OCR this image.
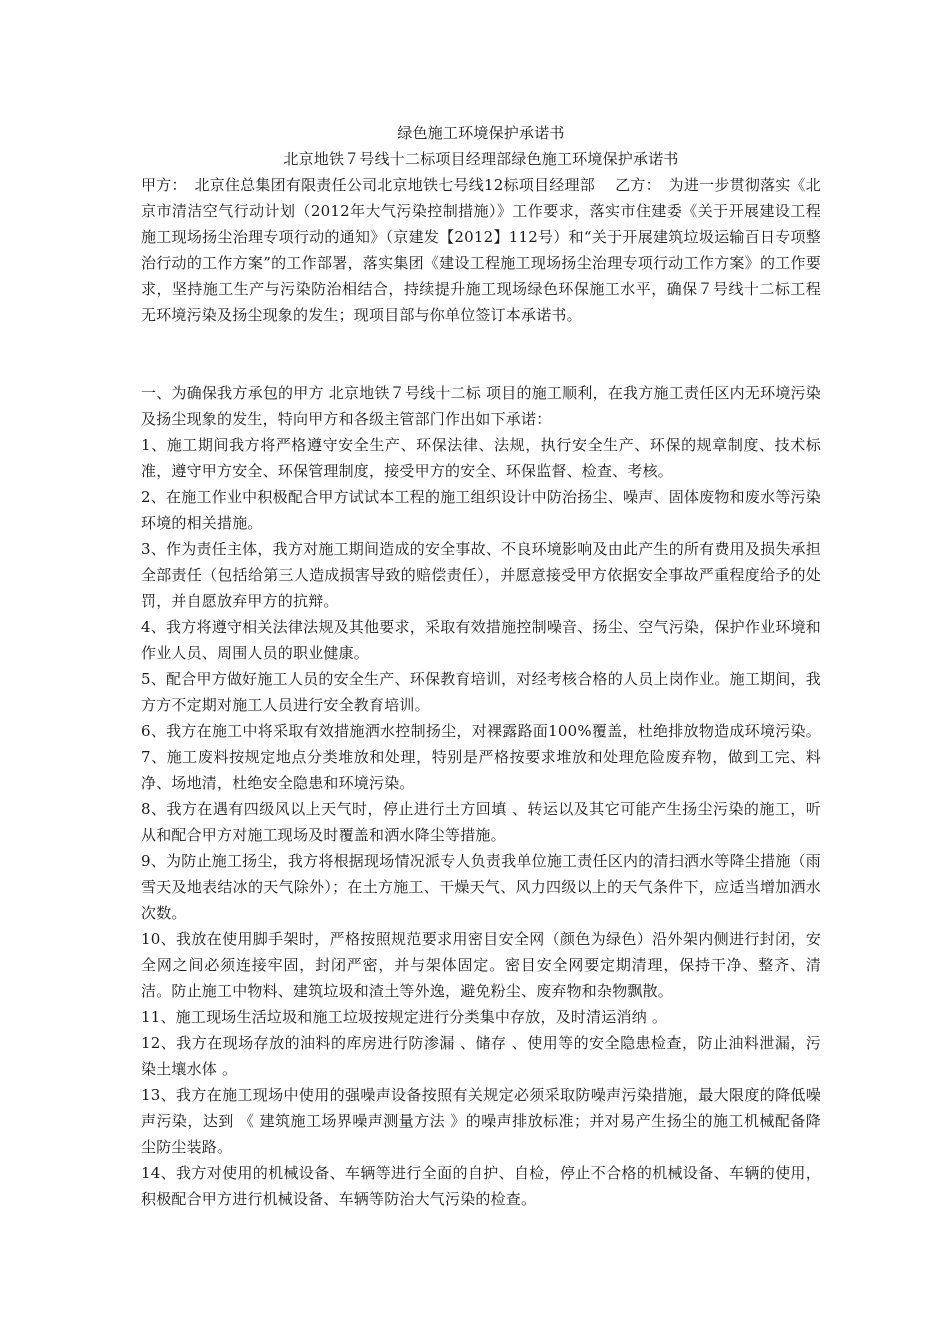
绿色施工环境保护承诺书

北京地铁７号线十二标项目经理部绿色施工环境保护承诺书

甲方：　北京住总集团有限责任公司北京地铁七号线12标项目经理部　 乙方：　为进一步贯彻落实《北京市清洁空气行动计划（2012年大气污染控制措施）》工作要求，落实市住建委《关于开展建设工程施工现场扬尘治理专项行动的通知》（京建发【2012】112号）和“关于开展建筑垃圾运输百日专项整治行动的工作方案”的工作部署，落实集团《建设工程施工现场扬尘治理专项行动工作方案》的工作要求，坚持施工生产与污染防治相结合，持续提升施工现场绿色环保施工水平，确保７号线十二标工程无环境污染及扬尘现象的发生；现项目部与你单位签订本承诺书。

一、为确保我方承包的甲方 北京地铁７号线十二标 项目的施工顺利，在我方施工责任区内无环境污染及扬尘现象的发生，特向甲方和各级主管部门作出如下承诺：

1、施工期间我方将严格遵守安全生产、环保法律、法规，执行安全生产、环保的规章制度、技术标准，遵守甲方安全、环保管理制度，接受甲方的安全、环保监督、检查、考核。

2、在施工作业中积极配合甲方试试本工程的施工组织设计中防治扬尘、噪声、固体废物和废水等污染环境的相关措施。

3、作为责任主体，我方对施工期间造成的安全事故、不良环境影响及由此产生的所有费用及损失承担全部责任（包括给第三人造成损害导致的赔偿责任），并愿意接受甲方依据安全事故严重程度给予的处罚，并自愿放弃甲方的抗辩。

4、我方将遵守相关法律法规及其他要求，采取有效措施控制噪音、扬尘、空气污染，保护作业环境和作业人员、周围人员的职业健康。

5、配合甲方做好施工人员的安全生产、环保教育培训，对经考核合格的人员上岗作业。施工期间，我方方不定期对施工人员进行安全教育培训。

6、我方在施工中将采取有效措施洒水控制扬尘，对裸露路面100%覆盖，杜绝排放物造成环境污染。7、施工废料按规定地点分类堆放和处理，特别是严格按要求堆放和处理危险废弃物，做到工完、料净、场地清，杜绝安全隐患和环境污染。

8、我方在遇有四级风以上天气时，停止进行土方回填 、转运以及其它可能产生扬尘污染的施工，听从和配合甲方对施工现场及时覆盖和洒水降尘等措施。

9、为防止施工扬尘，我方将根据现场情况派专人负责我单位施工责任区内的清扫洒水等降尘措施（雨雪天及地表结冰的天气除外）；在土方施工、干燥天气、风力四级以上的天气条件下，应适当增加洒水次数。

10、我放在使用脚手架时，严格按照规范要求用密目安全网（颜色为绿色）沿外架内侧进行封闭，安全网之间必须连接牢固，封闭严密，并与架体固定。密目安全网要定期清理，保持干净、整齐、清洁。防止施工中物料、建筑垃圾和渣土等外逸，避免粉尘、废弃物和杂物飘散。

11、施工现场生活垃圾和施工垃圾按规定进行分类集中存放，及时清运消纳 。

12、我方在现场存放的油料的库房进行防渗漏 、储存 、使用等的安全隐患检查，防止油料泄漏，污染土壤水体 。

13、我方在施工现场中使用的强噪声设备按照有关规定必须采取防噪声污染措施，最大限度的降低噪声污染，达到 《 建筑施工场界噪声测量方法 》的噪声排放标准；并对易产生扬尘的施工机械配备降尘防尘装路。

14、我方对使用的机械设备、车辆等进行全面的自护、自检，停止不合格的机械设备、车辆的使用，积极配合甲方进行机械设备、车辆等防治大气污染的检查。
